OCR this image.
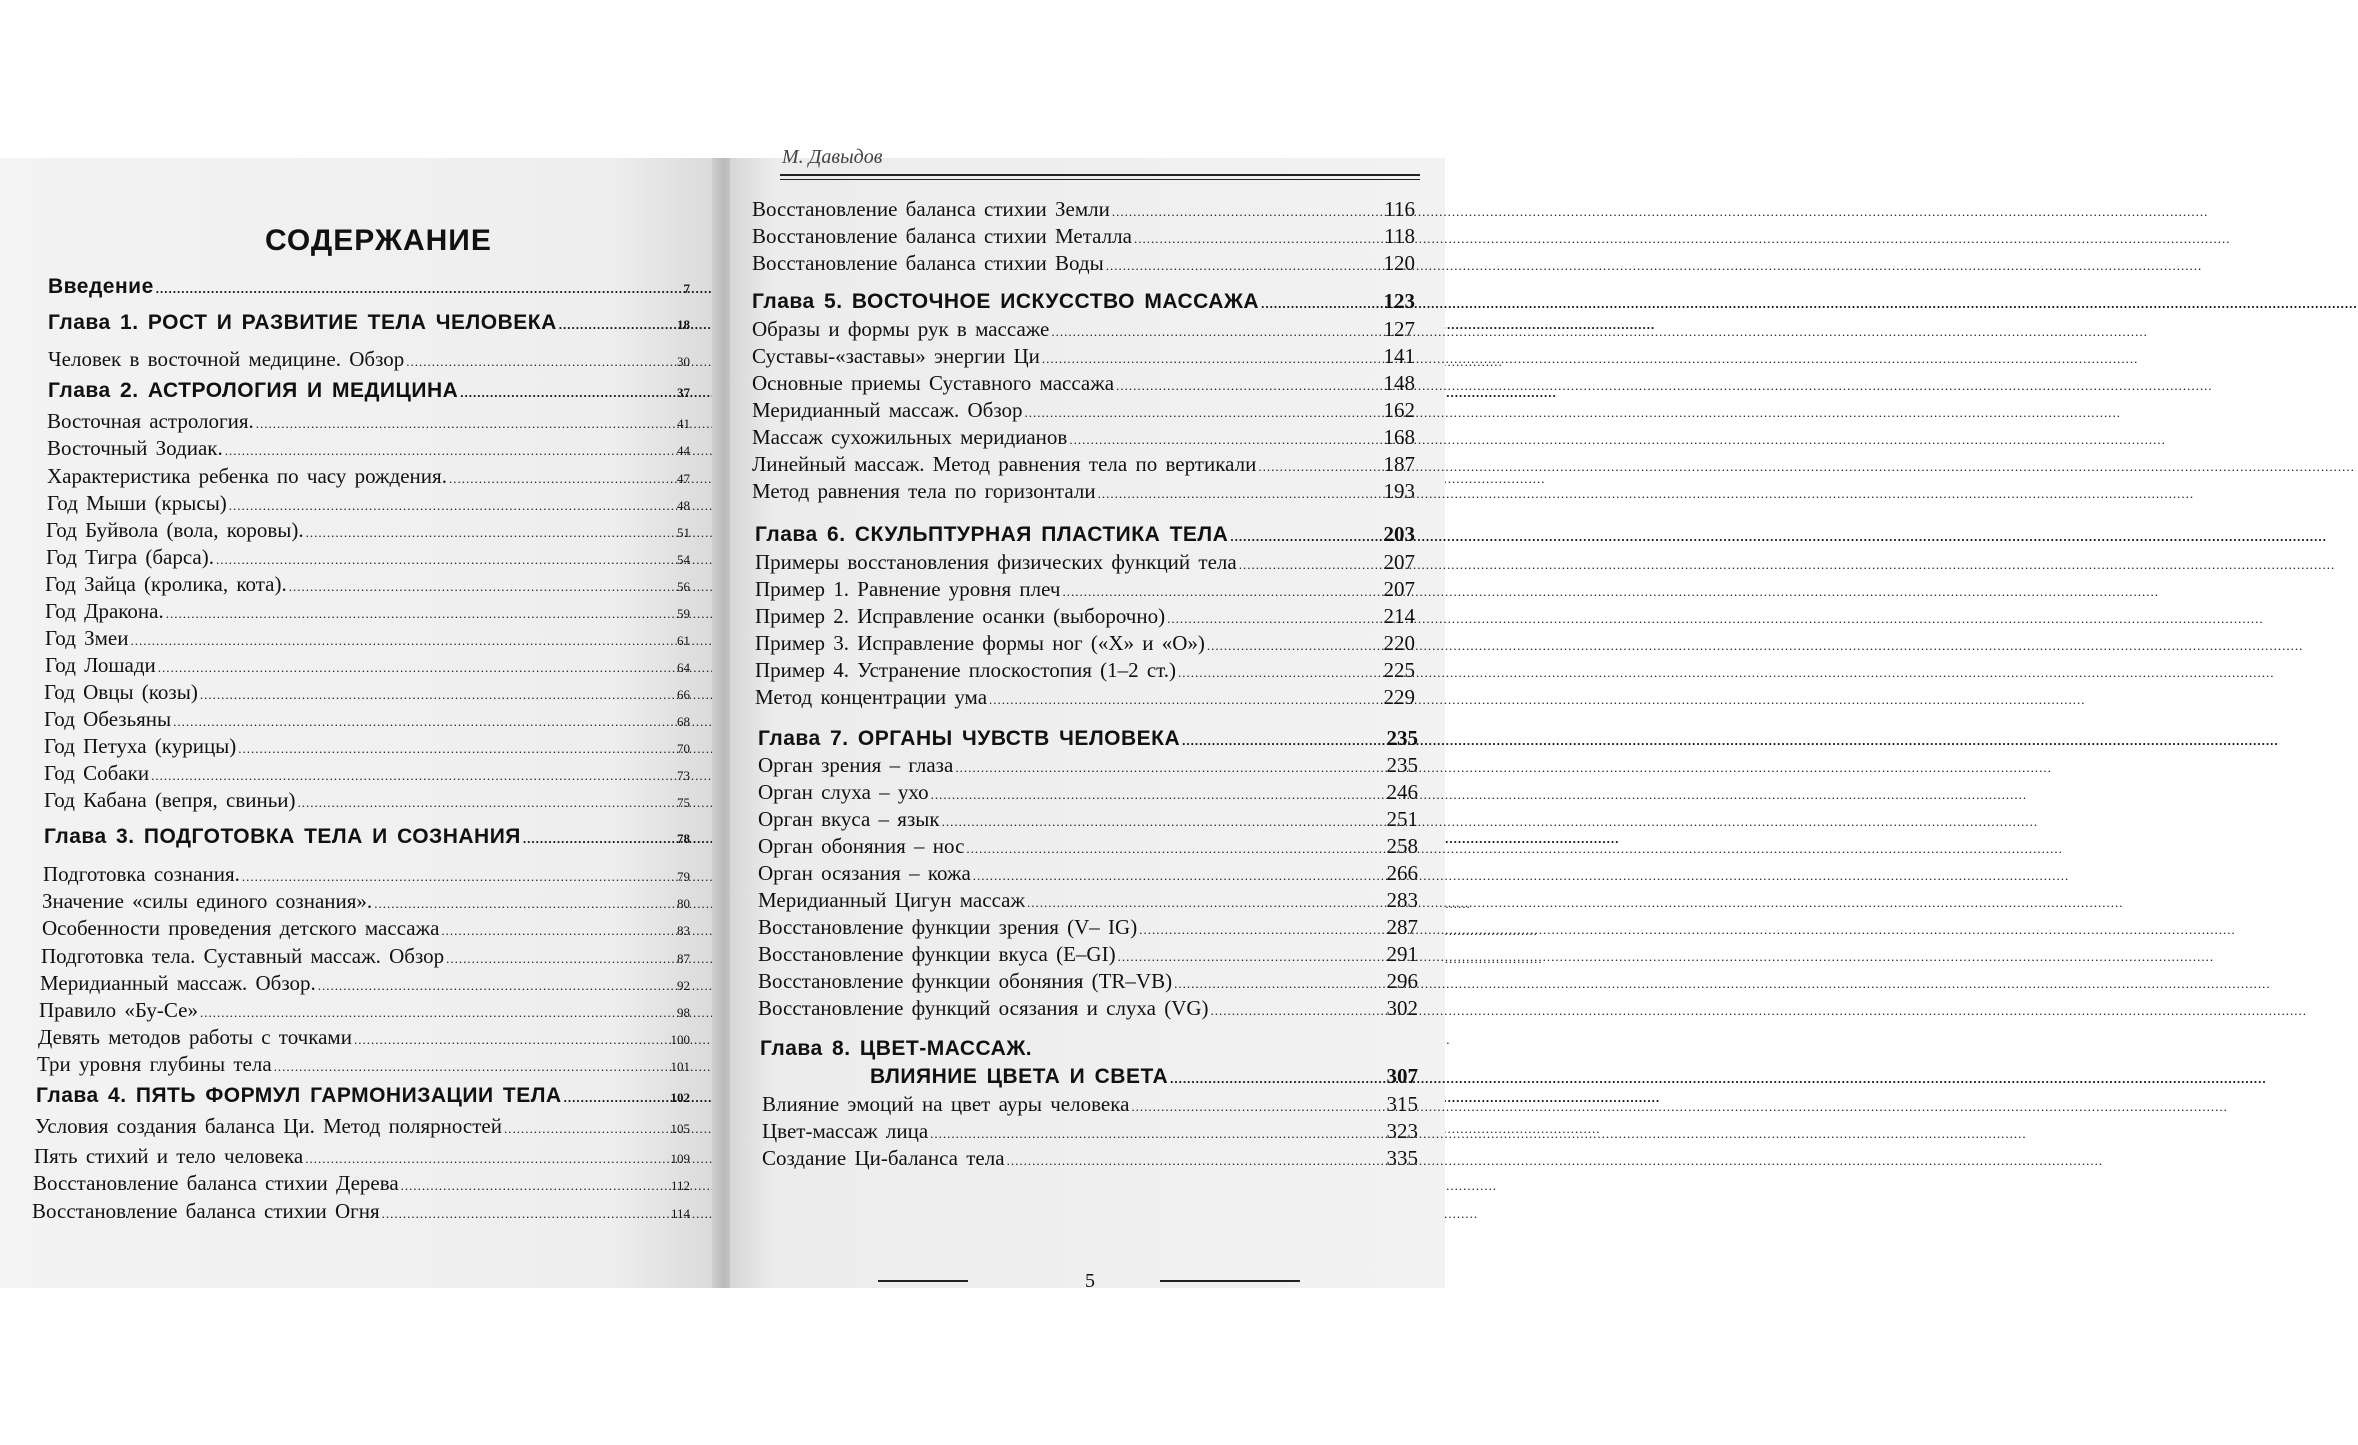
СОДЕРЖАНИЕ
Введение .....	7
Глава 1. РОСТ И РАЗВИТИЕ ТЕЛА ЧЕЛОВЕКА .....	18
Человек в восточной медицине. Обзор .....	30
Глава 2. АСТРОЛОГИЯ И МЕДИЦИНА .....	37
Восточная астрология. .....	41
Восточный Зодиак. .....	44
Характеристика ребенка по часу рождения. .....	47
Год Мыши (крысы) .....	48
Год Буйвола (вола, коровы). .....	51
Год Тигра (барса). .....	54
Год Зайца (кролика, кота). .....	56
Год Дракона. .....	59
Год Змеи .....	61
Год Лошади .....	64
Год Овцы (козы) .....	66
Год Обезьяны .....	68
Год Петуха (курицы) .....	70
Год Собаки .....	73
Год Кабана (вепря, свиньи) .....	75
Глава 3. ПОДГОТОВКА ТЕЛА И СОЗНАНИЯ .....	78
Подготовка сознания. .....	79
Значение «силы единого сознания». .....	80
Особенности проведения детского массажа .....	83
Подготовка тела. Суставный массаж. Обзор .....	87
Меридианный массаж. Обзор. .....	92
Правило «Бу-Се» .....	98
Девять методов работы с точками .....	100
Три уровня глубины тела .....	101
Глава 4. ПЯТЬ ФОРМУЛ ГАРМОНИЗАЦИИ ТЕЛА .....	102
Условия создания баланса Ци. Метод полярностей .....	105
Пять стихий и тело человека .....	109
Восстановление баланса стихии Дерева .....	112
Восстановление баланса стихии Огня .....	114
М. Давыдов
Восстановление баланса стихии Земли .....	116
Восстановление баланса стихии Металла .....	118
Восстановление баланса стихии Воды .....	120
Глава 5. ВОСТОЧНОЕ ИСКУССТВО МАССАЖА .....	123
Образы и формы рук в массаже .....	127
Суставы-«заставы» энергии Ци .....	141
Основные приемы Суставного массажа .....	148
Меридианный массаж. Обзор .....	162
Массаж сухожильных меридианов .....	168
Линейный массаж. Метод равнения тела по вертикали .....	187
Метод равнения тела по горизонтали .....	193
Глава 6. СКУЛЬПТУРНАЯ ПЛАСТИКА ТЕЛА .....	203
Примеры восстановления физических функций тела .....	207
Пример 1. Равнение уровня плеч .....	207
Пример 2. Исправление осанки (выборочно) .....	214
Пример 3. Исправление формы ног («X» и «O») .....	220
Пример 4. Устранение плоскостопия (1–2 ст.) .....	225
Метод концентрации ума .....	229
Глава 7. ОРГАНЫ ЧУВСТВ ЧЕЛОВЕКА .....	235
Орган зрения – глаза .....	235
Орган слуха – ухо .....	246
Орган вкуса – язык .....	251
Орган обоняния – нос .....	258
Орган осязания – кожа .....	266
Меридианный Цигун массаж .....	283
Восстановление функции зрения (V– IG) .....	287
Восстановление функции вкуса (E–GI) .....	291
Восстановление функции обоняния (TR–VB) .....	296
Восстановление функций осязания и слуха (VG) .....	302
Глава 8. ЦВЕТ-МАССАЖ.
ВЛИЯНИЕ ЦВЕТА И СВЕТА .....	307
Влияние эмоций на цвет ауры человека .....	315
Цвет-массаж лица .....	323
Создание Ци-баланса тела .....	335
5
